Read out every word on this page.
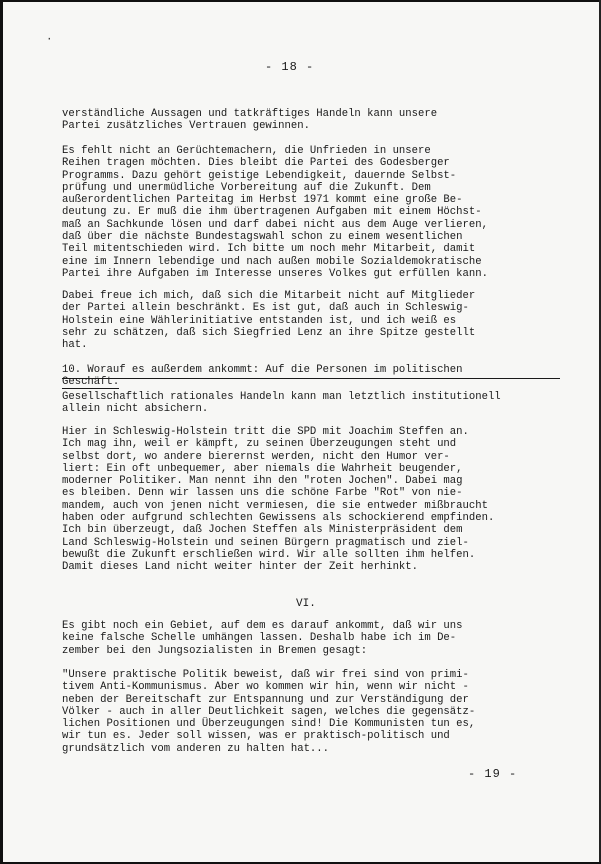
·
- 18 -
verständliche Aussagen und tatkräftiges Handeln kann unsere
Partei zusätzliches Vertrauen gewinnen.
Es fehlt nicht an Gerüchtemachern, die Unfrieden in unsere
Reihen tragen möchten. Dies bleibt die Partei des Godesberger
Programms. Dazu gehört geistige Lebendigkeit, dauernde Selbst-
prüfung und unermüdliche Vorbereitung auf die Zukunft. Dem
außerordentlichen Parteitag im Herbst 1971 kommt eine große Be-
deutung zu. Er muß die ihm übertragenen Aufgaben mit einem Höchst-
maß an Sachkunde lösen und darf dabei nicht aus dem Auge verlieren,
daß über die nächste Bundestagswahl schon zu einem wesentlichen
Teil mitentschieden wird. Ich bitte um noch mehr Mitarbeit, damit
eine im Innern lebendige und nach außen mobile Sozialdemokratische
Partei ihre Aufgaben im Interesse unseres Volkes gut erfüllen kann.
Dabei freue ich mich, daß sich die Mitarbeit nicht auf Mitglieder
der Partei allein beschränkt. Es ist gut, daß auch in Schleswig-
Holstein eine Wählerinitiative entstanden ist, und ich weiß es
sehr zu schätzen, daß sich Siegfried Lenz an ihre Spitze gestellt
hat.
10. Worauf es außerdem ankommt: Auf die Personen im politischen
Geschäft.
Gesellschaftlich rationales Handeln kann man letztlich institutionell
allein nicht absichern.
Hier in Schleswig-Holstein tritt die SPD mit Joachim Steffen an.
Ich mag ihn, weil er kämpft, zu seinen Überzeugungen steht und
selbst dort, wo andere bierernst werden, nicht den Humor ver-
liert: Ein oft unbequemer, aber niemals die Wahrheit beugender,
moderner Politiker. Man nennt ihn den "roten Jochen". Dabei mag
es bleiben. Denn wir lassen uns die schöne Farbe "Rot" von nie-
mandem, auch von jenen nicht vermiesen, die sie entweder mißbraucht
haben oder aufgrund schlechten Gewissens als schockierend empfinden.
Ich bin überzeugt, daß Jochen Steffen als Ministerpräsident dem
Land Schleswig-Holstein und seinen Bürgern pragmatisch und ziel-
bewußt die Zukunft erschließen wird. Wir alle sollten ihm helfen.
Damit dieses Land nicht weiter hinter der Zeit herhinkt.
VI.
Es gibt noch ein Gebiet, auf dem es darauf ankommt, daß wir uns
keine falsche Schelle umhängen lassen. Deshalb habe ich im De-
zember bei den Jungsozialisten in Bremen gesagt:
"Unsere praktische Politik beweist, daß wir frei sind von primi-
tivem Anti-Kommunismus. Aber wo kommen wir hin, wenn wir nicht -
neben der Bereitschaft zur Entspannung und zur Verständigung der
Völker - auch in aller Deutlichkeit sagen, welches die gegensätz-
lichen Positionen und Überzeugungen sind! Die Kommunisten tun es,
wir tun es. Jeder soll wissen, was er praktisch-politisch und
grundsätzlich vom anderen zu halten hat...
- 19 -
